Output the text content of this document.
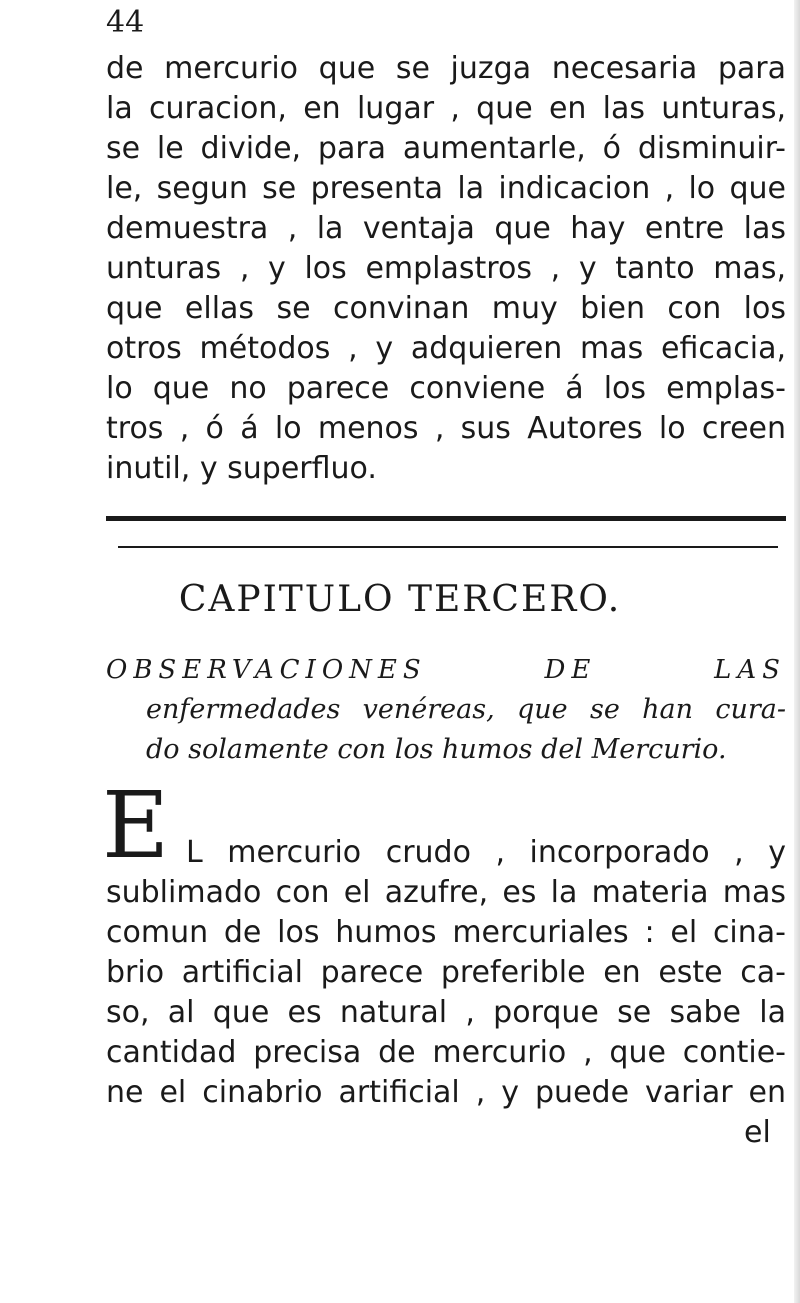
44
de mercurio que se juzga necesaria para
la curacion, en lugar , que en las unturas,
se le divide, para aumentarle, ó disminuir-
le, segun se presenta la indicacion , lo que
demuestra , la ventaja que hay entre las
unturas , y los emplastros , y tanto mas,
que ellas se convinan muy bien con los
otros métodos , y adquieren mas eficacia,
lo que no parece conviene á los emplas-
tros , ó á lo menos , sus Autores lo creen
inutil, y superfluo.
CAPITULO TERCERO.
OBSERVACIONES DE LAS
enfermedades venéreas, que se han cura-
do solamente con los humos del Mercurio.
E L mercurio crudo , incorporado , y
sublimado con el azufre, es la materia mas
comun de los humos mercuriales : el cina-
brio artificial parece preferible en este ca-
so, al que es natural , porque se sabe la
cantidad precisa de mercurio , que contie-
ne el cinabrio artificial , y puede variar en
el
